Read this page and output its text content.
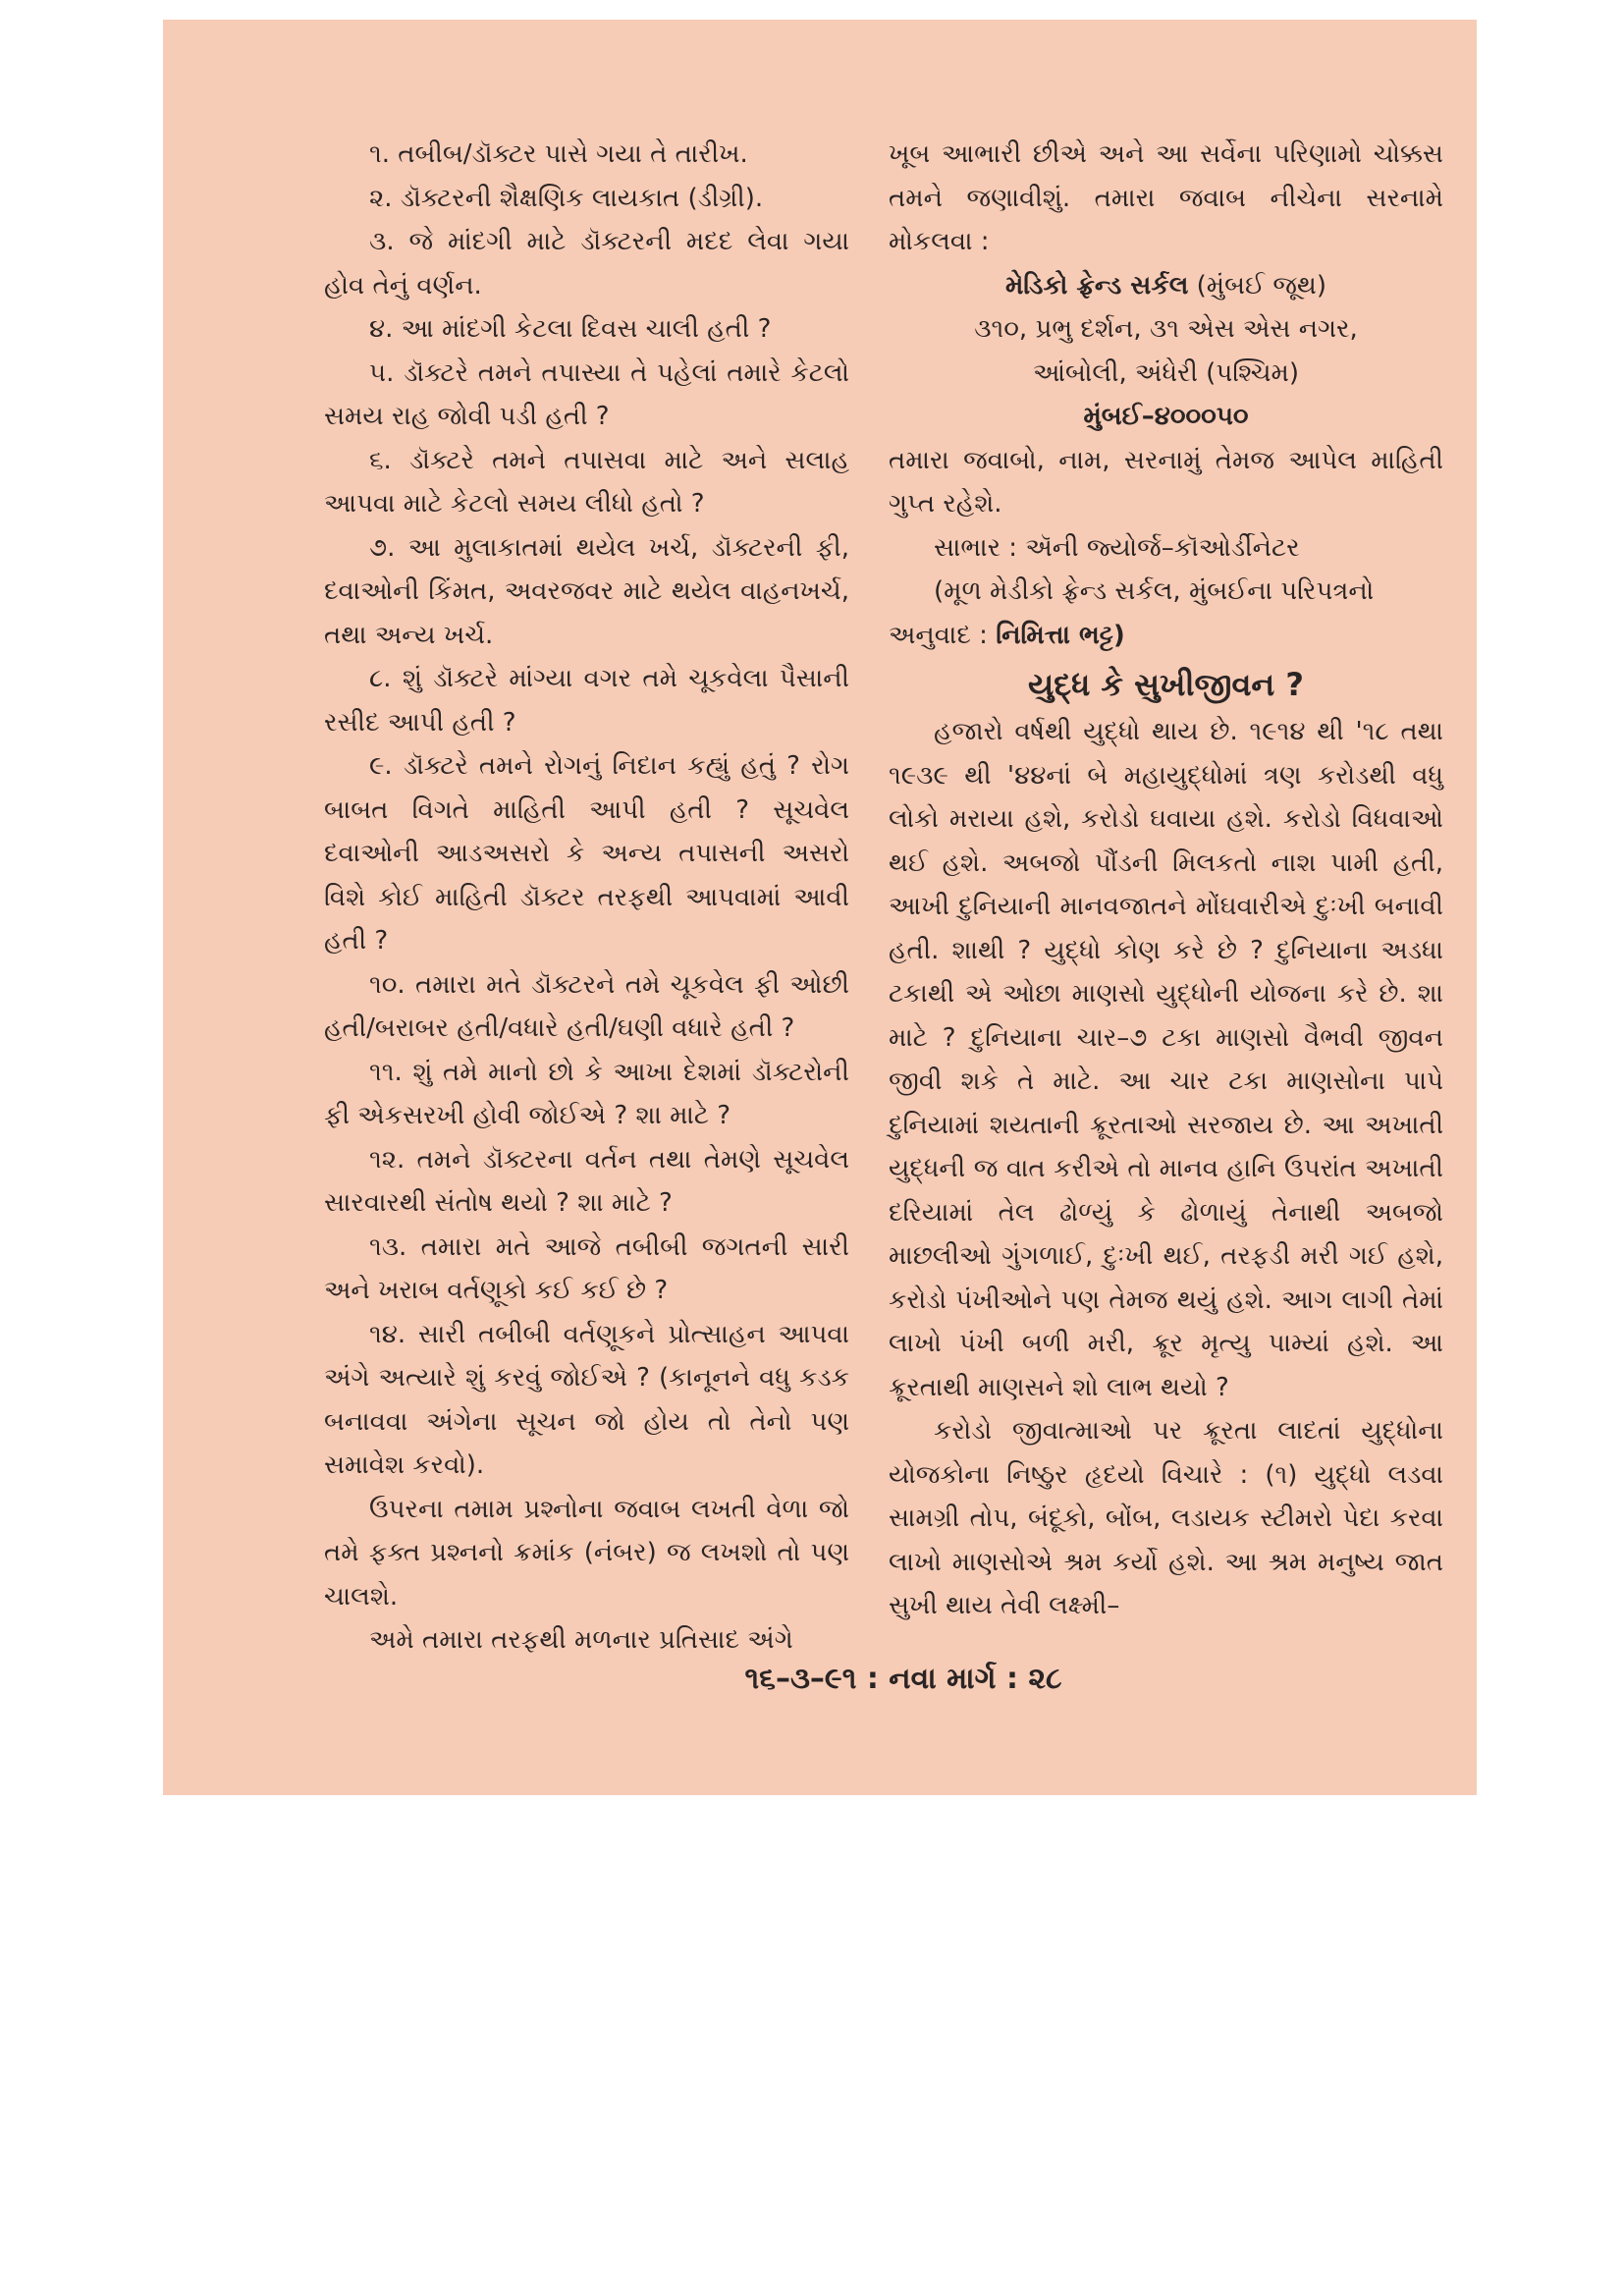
૧. તબીબ/ડૉક્ટર પાસે ગયા તે તારીખ.

૨. ડૉક્ટરની શૈક્ષણિક લાયકાત (ડીગ્રી).

૩. જે માંદગી માટે ડૉક્ટરની મદદ લેવા ગયા હોવ તેનું વર્ણન.

૪. આ માંદગી કેટલા દિવસ ચાલી હતી ?

૫. ડૉક્ટરે તમને તપાસ્યા તે પહેલાં તમારે કેટલો સમય રાહ જોવી પડી હતી ?

૬. ડૉક્ટરે તમને તપાસવા માટે અને સલાહ આપવા માટે કેટલો સમય લીધો હતો ?

૭. આ મુલાકાતમાં થયેલ ખર્ચ, ડૉક્ટરની ફી, દવાઓની કિંમત, અવરજવર માટે થયેલ વાહનખર્ચ, તથા અન્ય ખર્ચ.

૮. શું ડૉક્ટરે માંગ્યા વગર તમે ચૂકવેલા પૈસાની રસીદ આપી હતી ?

૯. ડૉક્ટરે તમને રોગનું નિદાન કહ્યું હતું ? રોગ બાબત વિગતે માહિતી આપી હતી ? સૂચવેલ દવાઓની આડઅસરો કે અન્ય તપાસની અસરો વિશે કોઈ માહિતી ડૉક્ટર તરફથી આપવામાં આવી હતી ?

૧૦. તમારા મતે ડૉક્ટરને તમે ચૂકવેલ ફી ઓછી હતી/બરાબર હતી/વધારે હતી/ઘણી વધારે હતી ?

૧૧. શું તમે માનો છો કે આખા દેશમાં ડૉક્ટરોની ફી એકસરખી હોવી જોઈએ ? શા માટે ?

૧૨. તમને ડૉક્ટરના વર્તન તથા તેમણે સૂચવેલ સારવારથી સંતોષ થયો ? શા માટે ?

૧૩. તમારા મતે આજે તબીબી જગતની સારી અને ખરાબ વર્તણૂકો કઈ કઈ છે ?

૧૪. સારી તબીબી વર્તણૂકને પ્રોત્સાહન આપવા અંગે અત્યારે શું કરવું જોઈએ ? (કાનૂનને વધુ કડક બનાવવા અંગેના સૂચન જો હોય તો તેનો પણ સમાવેશ કરવો).

ઉપરના તમામ પ્રશ્નોના જવાબ લખતી વેળા જો તમે ફક્ત પ્રશ્નનો ક્રમાંક (નંબર) જ લખશો તો પણ ચાલશે.

અમે તમારા તરફથી મળનાર પ્રતિસાદ અંગે

ખૂબ આભારી છીએ અને આ સર્વેના પરિણામો ચોક્કસ તમને જણાવીશું. તમારા જવાબ નીચેના સરનામે મોકલવા :

મેડિકો ફ્રેન્ડ સર્કલ (મુંબઈ જૂથ)

૩૧૦, પ્રભુ દર્શન, ૩૧ એસ એસ નગર,

આંબોલી, અંધેરી (પશ્ચિમ)

મુંબઈ–૪૦૦૦૫૦

તમારા જવાબો, નામ, સરનામું તેમજ આપેલ માહિતી ગુપ્ત રહેશે.

સાભાર : ઍની જ્યોર્જ–કૉઓર્ડીનેટર

(મૂળ મેડીકો ફ્રેન્ડ સર્કલ, મુંબઈના પરિપત્રનો

અનુવાદ : નિમિત્તા ભટ્ટ)

યુદ્ધ કે સુખીજીવન ?

હજારો વર્ષથી યુદ્ધો થાય છે. ૧૯૧૪ થી '૧૮ તથા ૧૯૩૯ થી '૪૪નાં બે મહાયુદ્ધોમાં ત્રણ કરોડથી વધુ લોકો મરાયા હશે, કરોડો ઘવાયા હશે. કરોડો વિધવાઓ થઈ હશે. અબજો પૌંડની મિલકતો નાશ પામી હતી, આખી દુનિયાની માનવજાતને મોંઘવારીએ દુઃખી બનાવી હતી. શાથી ? યુદ્ધો કોણ કરે છે ? દુનિયાના અડધા ટકાથી એ ઓછા માણસો યુદ્ધોની યોજના કરે છે. શા માટે ? દુનિયાના ચાર–૭ ટકા માણસો વૈભવી જીવન જીવી શકે તે માટે. આ ચાર ટકા માણસોના પાપે દુનિયામાં શયતાની ક્રૂરતાઓ સરજાય છે. આ અખાતી યુદ્ધની જ વાત કરીએ તો માનવ હાનિ ઉપરાંત અખાતી દરિયામાં તેલ ઢોળ્યું કે ઢોળાયું તેનાથી અબજો માછલીઓ ગુંગળાઈ, દુઃખી થઈ, તરફડી મરી ગઈ હશે, કરોડો પંખીઓને પણ તેમજ થયું હશે. આગ લાગી તેમાં લાખો પંખી બળી મરી, ક્રૂર મૃત્યુ પામ્યાં હશે. આ ક્રૂરતાથી માણસને શો લાભ થયો ?

કરોડો જીવાત્માઓ પર ક્રૂરતા લાદતાં યુદ્ધોના યોજકોના નિષ્ઠુર હૃદયો વિચારે : (૧) યુદ્ધો લડવા સામગ્રી તોપ, બંદૂકો, બોંબ, લડાયક સ્ટીમરો પેદા કરવા લાખો માણસોએ શ્રમ કર્યો હશે. આ શ્રમ મનુષ્ય જાત સુખી થાય તેવી લક્ષ્મી–

૧૬–૩–૯૧ : નવા માર્ગ : ૨૮
